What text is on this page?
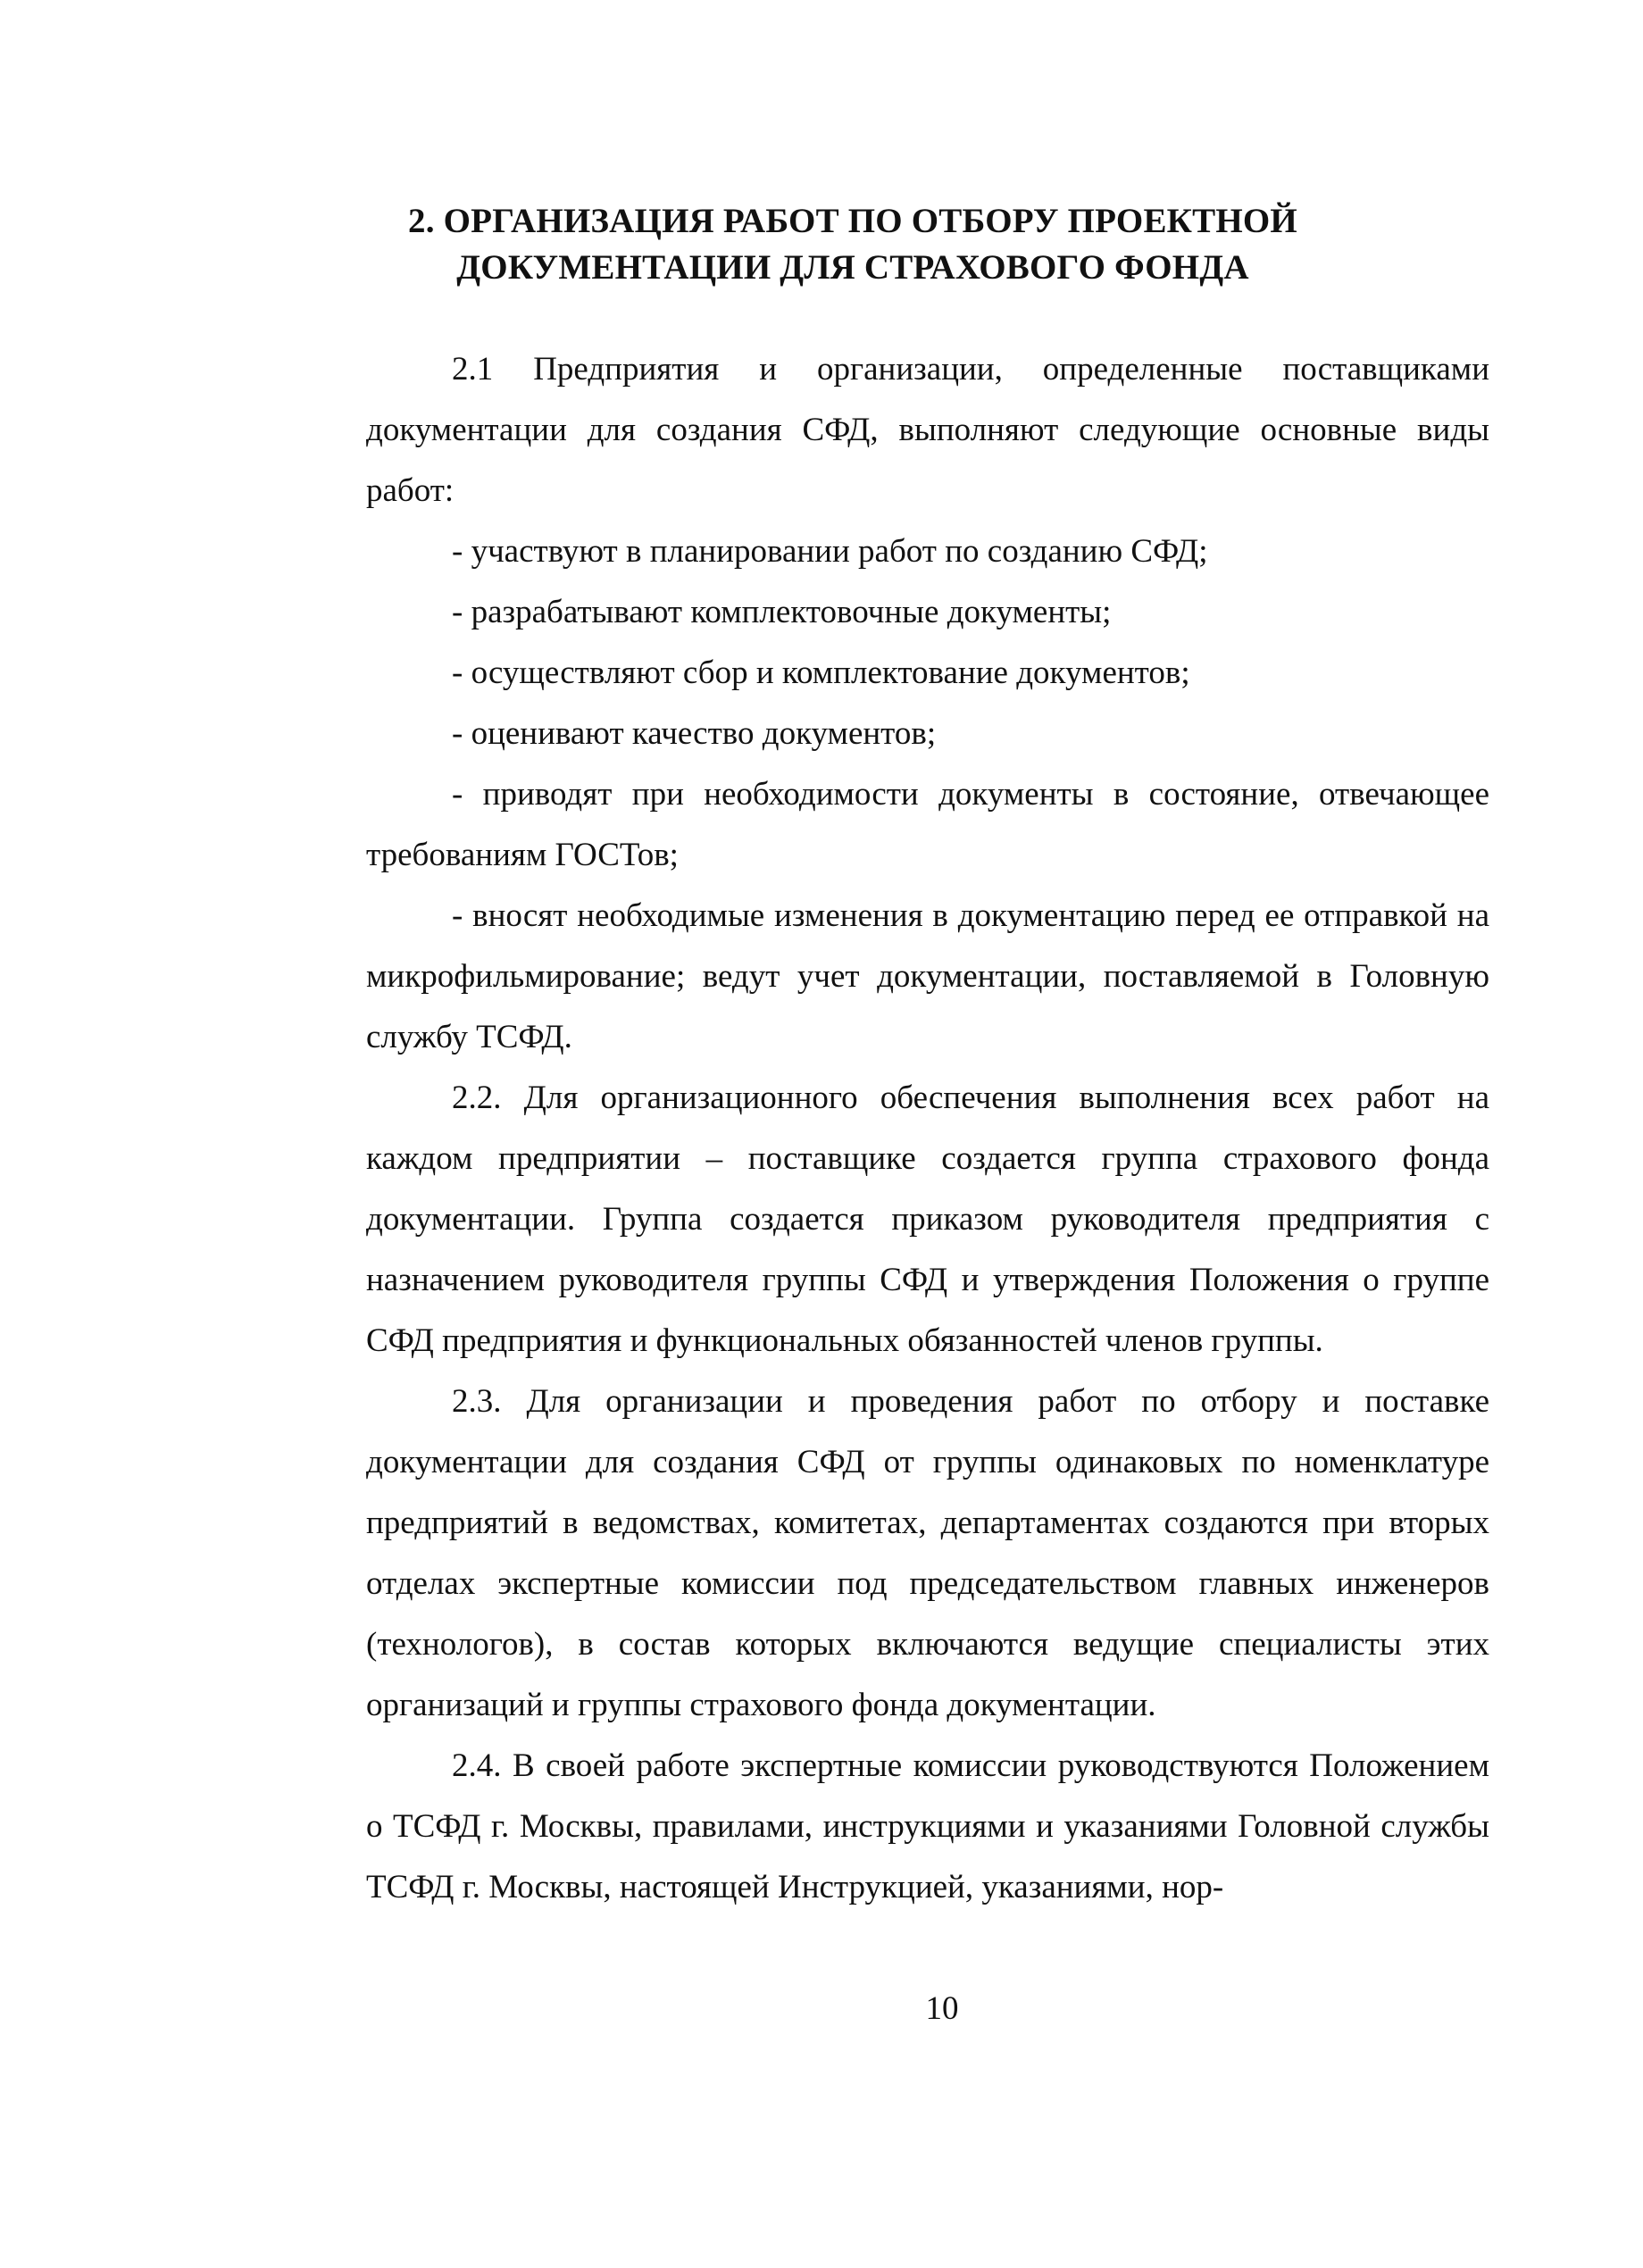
2. ОРГАНИЗАЦИЯ РАБОТ ПО ОТБОРУ ПРОЕКТНОЙ
ДОКУМЕНТАЦИИ ДЛЯ СТРАХОВОГО ФОНДА

2.1 Предприятия и организации, определенные поставщиками документации для создания СФД, выполняют следующие основные виды работ:

- участвуют в планировании работ по созданию СФД;

- разрабатывают комплектовочные документы;

- осуществляют сбор и комплектование документов;

- оценивают качество документов;

- приводят при необходимости документы в состояние, отвечающее требованиям ГОСТов;

- вносят необходимые изменения в документацию перед ее отправкой на микрофильмирование; ведут учет документации, поставляемой в Головную службу ТСФД.

2.2. Для организационного обеспечения выполнения всех работ на каждом предприятии – поставщике создается группа страхового фонда документации. Группа создается приказом руководителя предприятия с назначением руководителя группы СФД и утверждения Положения о группе СФД предприятия и функциональных обязанностей членов группы.

2.3. Для организации и проведения работ по отбору и поставке документации для создания СФД от группы одинаковых по номенклатуре предприятий в ведомствах, комитетах, департаментах создаются при вторых отделах экспертные комиссии под председательством главных инженеров (технологов), в состав которых включаются ведущие специалисты этих организаций и группы страхового фонда документации.

2.4. В своей работе экспертные комиссии руководствуются Положением о ТСФД г. Москвы, правилами, инструкциями и указаниями Головной службы ТСФД г. Москвы, настоящей Инструкцией, указаниями, нор-

10
